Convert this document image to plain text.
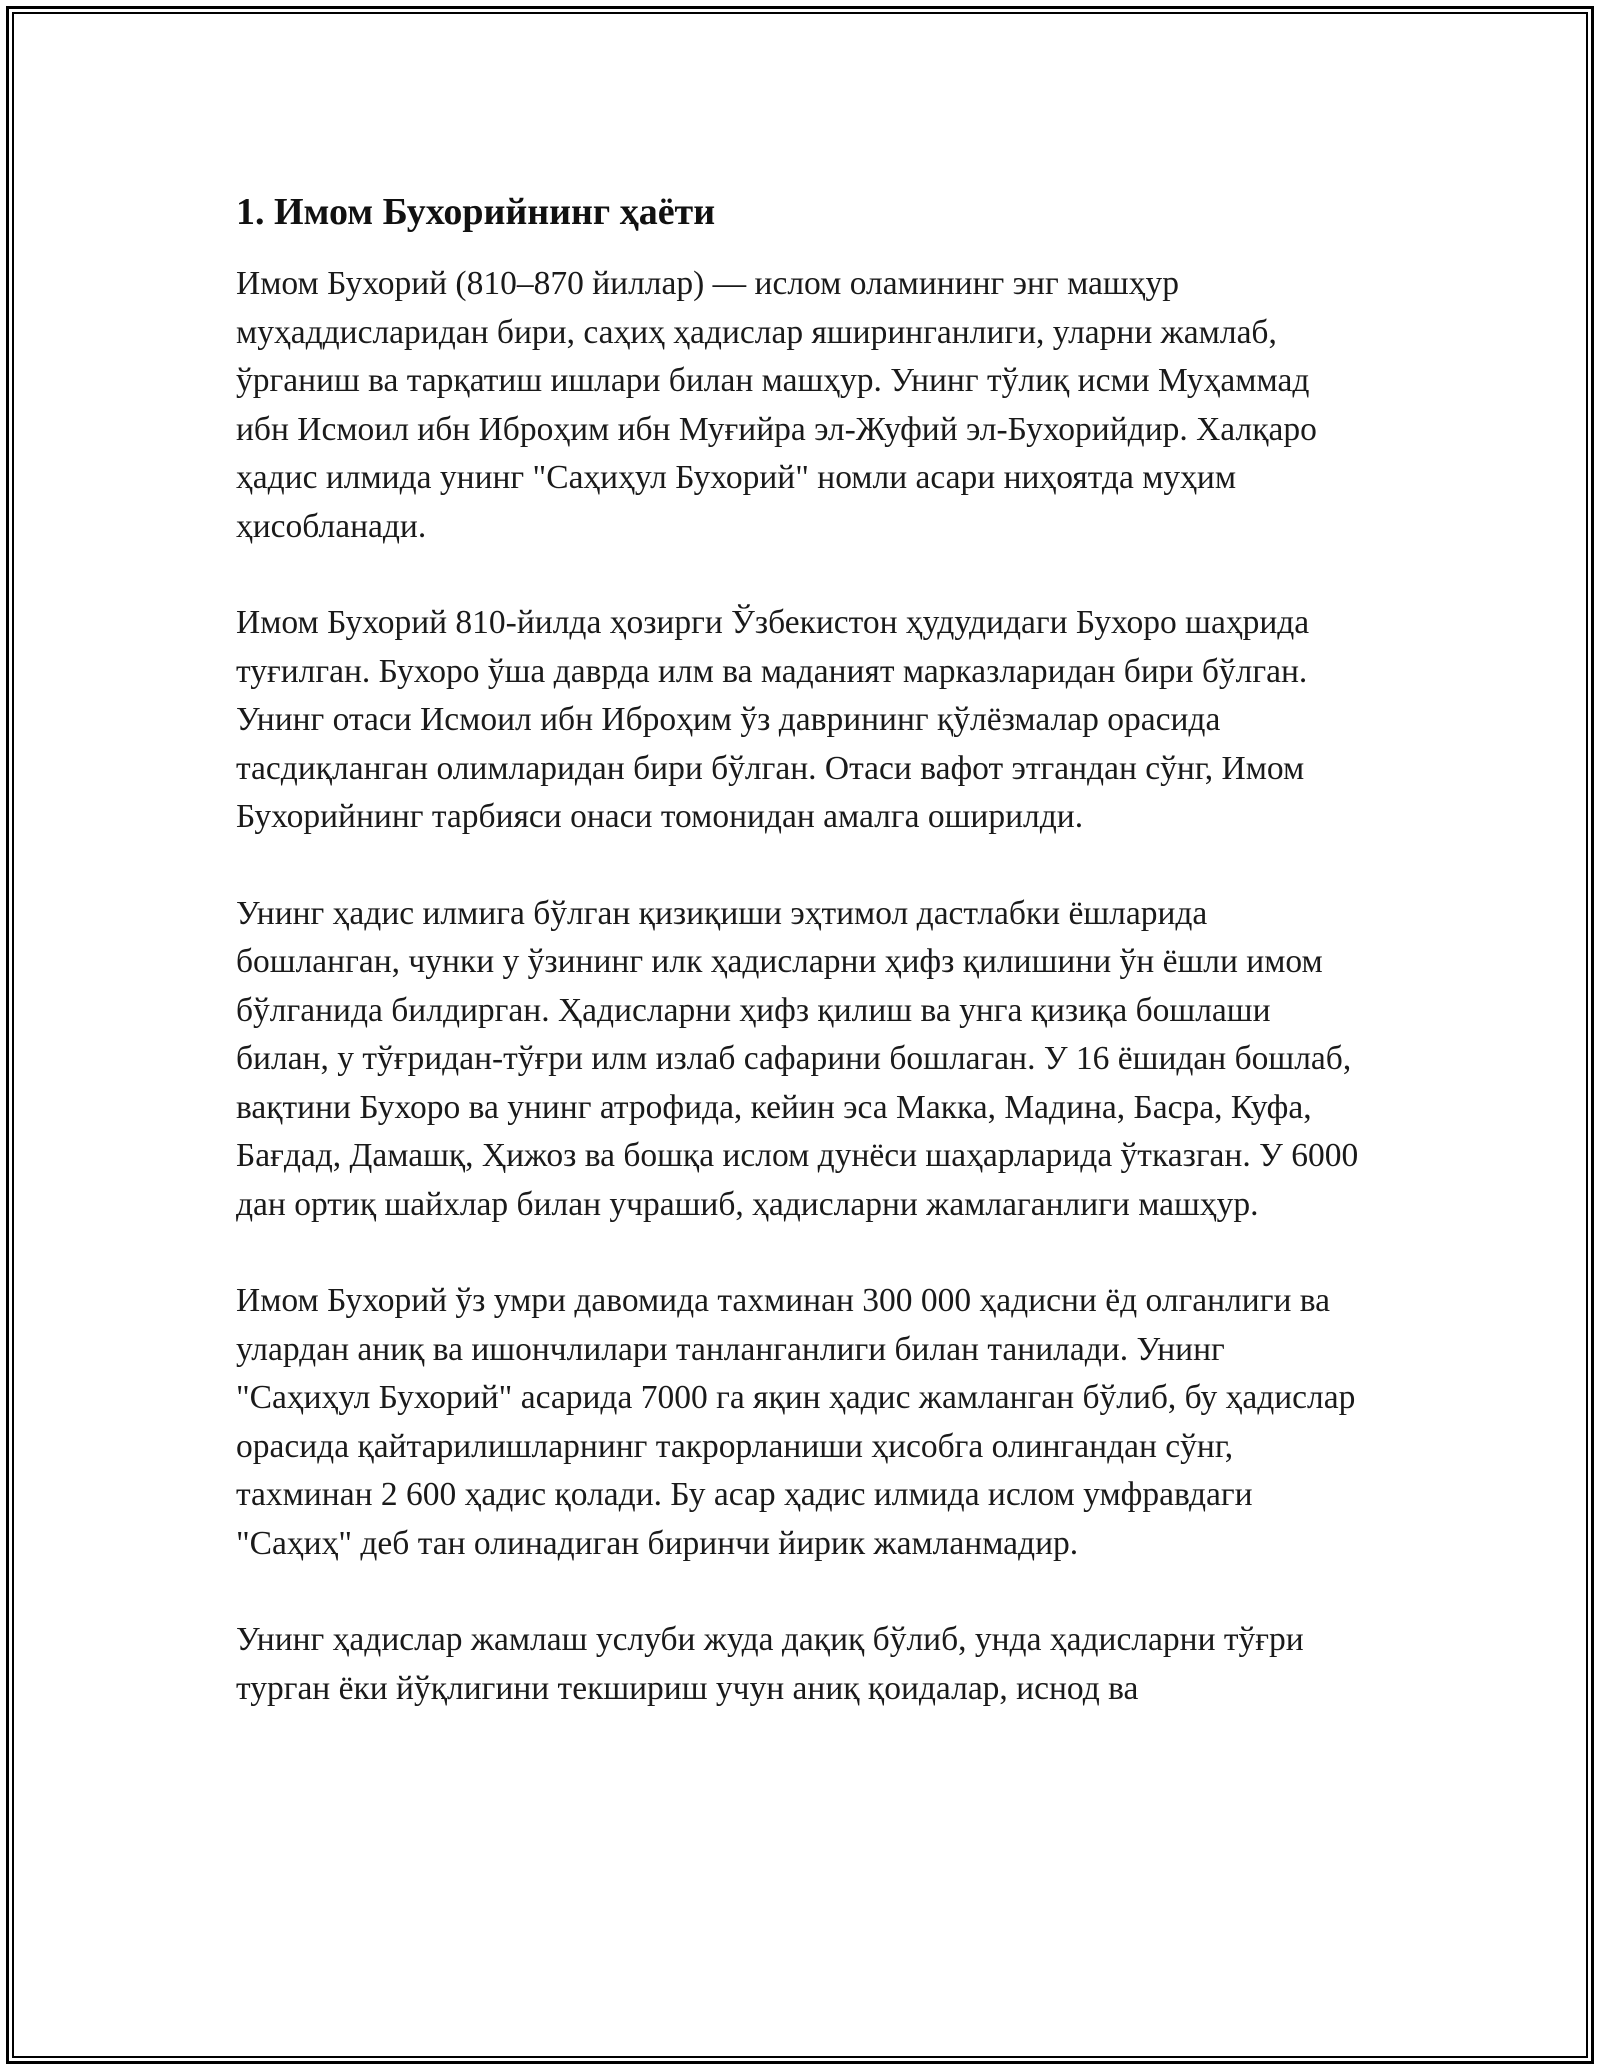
1. Имом Бухорийнинг ҳаёти

Имом Бухорий (810–870 йиллар) — ислом оламининг энг машҳур муҳаддисларидан бири, саҳиҳ ҳадислар яширинганлиги, уларни жамлаб, ўрганиш ва тарқатиш ишлари билан машҳур. Унинг тўлиқ исми Муҳаммад ибн Исмоил ибн Иброҳим ибн Муғийра эл-Жуфий эл-Бухорийдир. Халқаро ҳадис илмида унинг "Саҳиҳул Бухорий" номли асари ниҳоятда муҳим ҳисобланади.

Имом Бухорий 810-йилда ҳозирги Ўзбекистон ҳудудидаги Бухоро шаҳрида туғилган. Бухоро ўша даврда илм ва маданият марказларидан бири бўлган. Унинг отаси Исмоил ибн Иброҳим ўз даврининг қўлёзмалар орасида тасдиқланган олимларидан бири бўлган. Отаси вафот этгандан сўнг, Имом Бухорийнинг тарбияси онаси томонидан амалга оширилди.

Унинг ҳадис илмига бўлган қизиқиши эҳтимол дастлабки ёшларида бошланган, чунки у ўзининг илк ҳадисларни ҳифз қилишини ўн ёшли имом бўлганида билдирган. Ҳадисларни ҳифз қилиш ва унга қизиқа бошлаши билан, у тўғридан-тўғри илм излаб сафарини бошлаган. У 16 ёшидан бошлаб, вақтини Бухоро ва унинг атрофида, кейин эса Макка, Мадина, Басра, Куфа, Бағдад, Дамашқ, Ҳижоз ва бошқа ислом дунёси шаҳарларида ўтказган. У 6000 дан ортиқ шайхлар билан учрашиб, ҳадисларни жамлаганлиги машҳур.

Имом Бухорий ўз умри давомида тахминан 300 000 ҳадисни ёд олганлиги ва улардан аниқ ва ишончлилари танланганлиги билан танилади. Унинг "Саҳиҳул Бухорий" асарида 7000 га яқин ҳадис жамланган бўлиб, бу ҳадислар орасида қайтарилишларнинг такрорланиши ҳисобга олингандан сўнг, тахминан 2 600 ҳадис қолади. Бу асар ҳадис илмида ислом умфравдаги "Саҳиҳ" деб тан олинадиган биринчи йирик жамланмадир.

Унинг ҳадислар жамлаш услуби жуда дақиқ бўлиб, унда ҳадисларни тўғри турган ёки йўқлигини текшириш учун аниқ қоидалар, иснод ва
